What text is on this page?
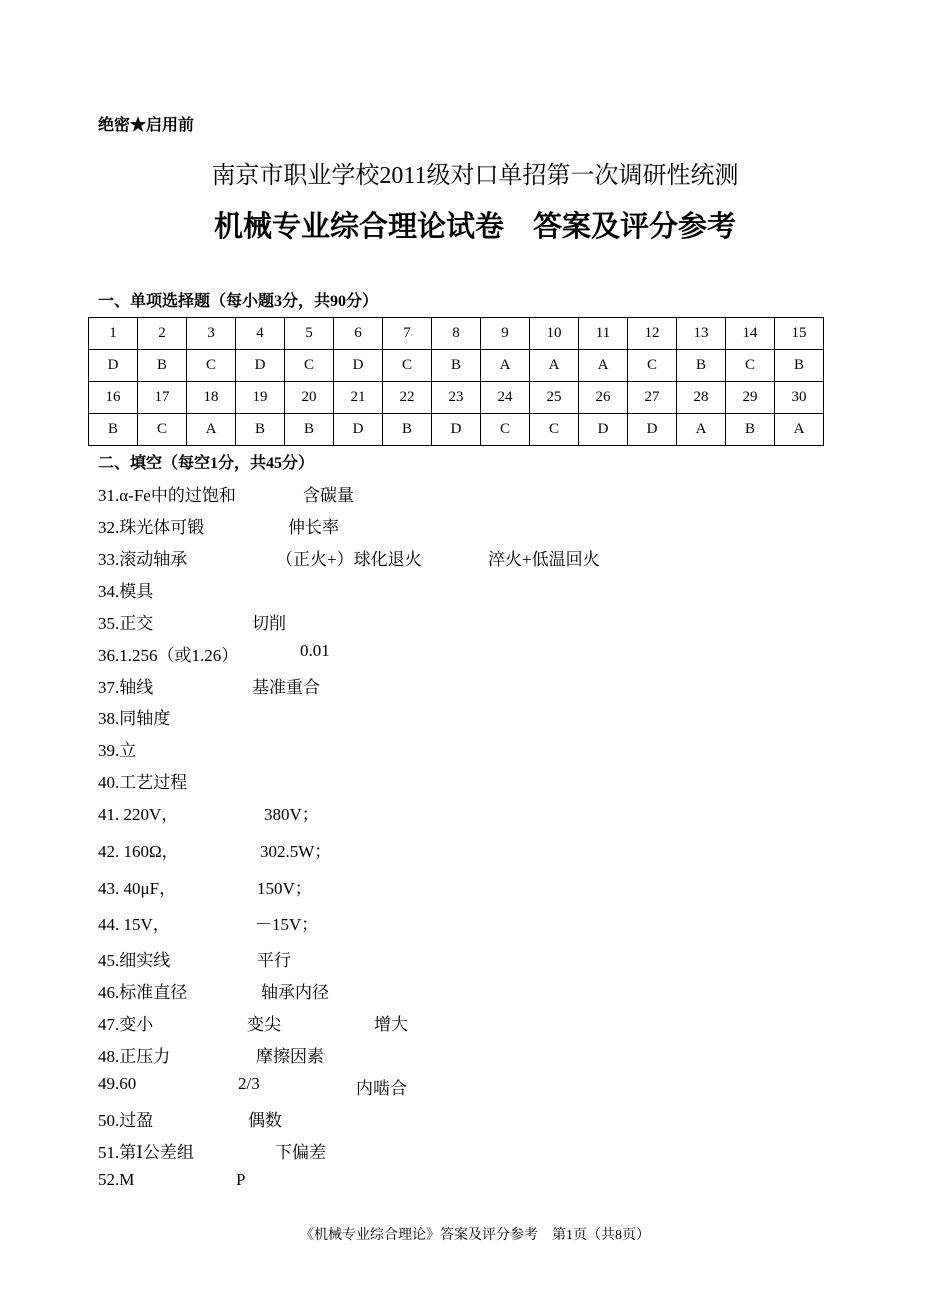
绝密★启用前
南京市职业学校2011级对口单招第一次调研性统测
机械专业综合理论试卷　答案及评分参考
一、单项选择题（每小题3分，共90分）
1	2	3	4	5	6	7	8	9	10	11	12	13	14	15
D	B	C	D	C	D	C	B	A	A	A	C	B	C	B
16	17	18	19	20	21	22	23	24	25	26	27	28	29	30
B	C	A	B	B	D	B	D	C	C	D	D	A	B	A
二、填空（每空1分，共45分）
31.α-Fe中的过饱和	含碳量
32.珠光体可锻	伸长率
33.滚动轴承	（正火+）球化退火	淬火+低温回火
34.模具
35.正交	切削
36.1.256（或1.26）	0.01
37.轴线	基准重合
38.同轴度
39.立
40.工艺过程
41. 220V，	380V；
42. 160Ω，	302.5W；
43. 40μF，	150V；
44. 15V，	－15V；
45.细实线	平行
46.标准直径	轴承内径
47.变小	变尖	增大
48.正压力	摩擦因素
49.60	2/3	内啮合
50.过盈	偶数
51.第Ⅰ公差组	下偏差
52.M	P
《机械专业综合理论》答案及评分参考　第1页（共8页）
